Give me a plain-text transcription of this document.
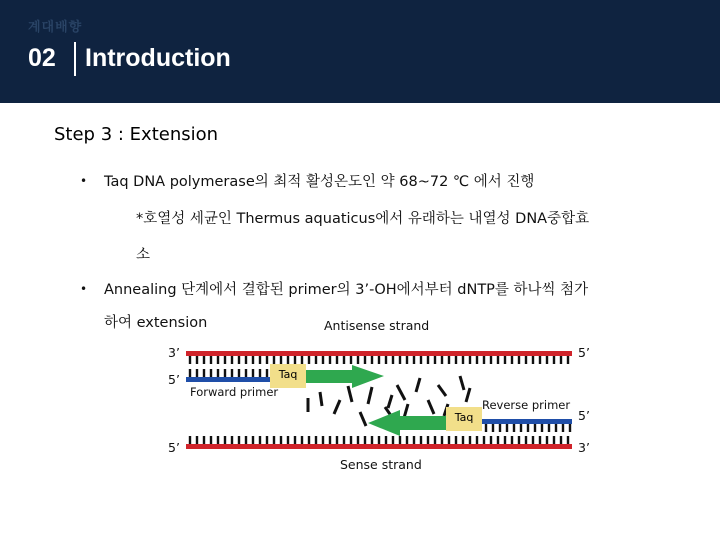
계대배향
02 Introduction
Step 3 : Extension
• Taq DNA polymerase의 최적 활성온도인 약 68~72 ℃ 에서 진행
*호열성 세균인 Thermus aquaticus에서 유래하는 내열성 DNA중합효
소
• Annealing 단계에서 결합된 primer의 3’-OH에서부터 dNTP를 하나씩 첨가
하여 extension
Taq
Taq
Antisense strand
Sense strand
Forward primer
Reverse primer
3’
5’
5’
5’
5’
3’
